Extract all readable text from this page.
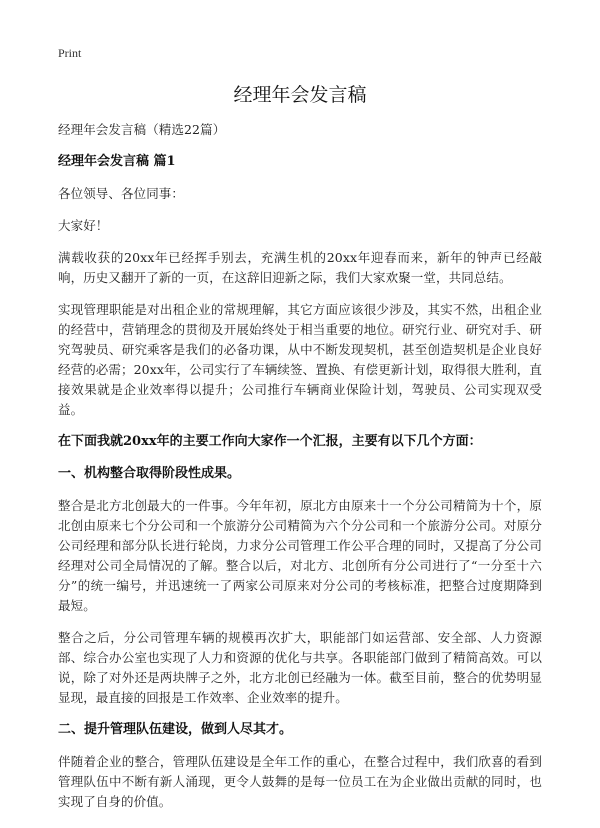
Print
经理年会发言稿

经理年会发言稿（精选22篇）

经理年会发言稿 篇1

各位领导、各位同事：

大家好！

满载收获的20xx年已经挥手别去，充满生机的20xx年迎春而来，新年的钟声已经敲响，历史又翻开了新的一页，在这辞旧迎新之际，我们大家欢聚一堂，共同总结。

实现管理职能是对出租企业的常规理解，其它方面应该很少涉及，其实不然，出租企业的经营中，营销理念的贯彻及开展始终处于相当重要的地位。研究行业、研究对手、研究驾驶员、研究乘客是我们的必备功课，从中不断发现契机，甚至创造契机是企业良好经营的必需；20xx年，公司实行了车辆续签、置换、有偿更新计划，取得很大胜利，直接效果就是企业效率得以提升；公司推行车辆商业保险计划，驾驶员、公司实现双受益。

在下面我就20xx年的主要工作向大家作一个汇报，主要有以下几个方面：
一、机构整合取得阶段性成果。

整合是北方北创最大的一件事。今年年初，原北方由原来十一个分公司精简为十个，原北创由原来七个分公司和一个旅游分公司精简为六个分公司和一个旅游分公司。对原分公司经理和部分队长进行轮岗，力求分公司管理工作公平合理的同时，又提高了分公司经理对公司全局情况的了解。整合以后，对北方、北创所有分公司进行了“一分至十六分”的统一编号，并迅速统一了两家公司原来对分公司的考核标准，把整合过度期降到最短。

整合之后，分公司管理车辆的规模再次扩大，职能部门如运营部、安全部、人力资源部、综合办公室也实现了人力和资源的优化与共享。各职能部门做到了精简高效。可以说，除了对外还是两块牌子之外，北方北创已经融为一体。截至目前，整合的优势明显显现，最直接的回报是工作效率、企业效率的提升。

二、提升管理队伍建设，做到人尽其才。

伴随着企业的整合，管理队伍建设是全年工作的重心，在整合过程中，我们欣喜的看到管理队伍中不断有新人涌现，更令人鼓舞的是每一位员工在为企业做出贡献的同时，也实现了自身的价值。
